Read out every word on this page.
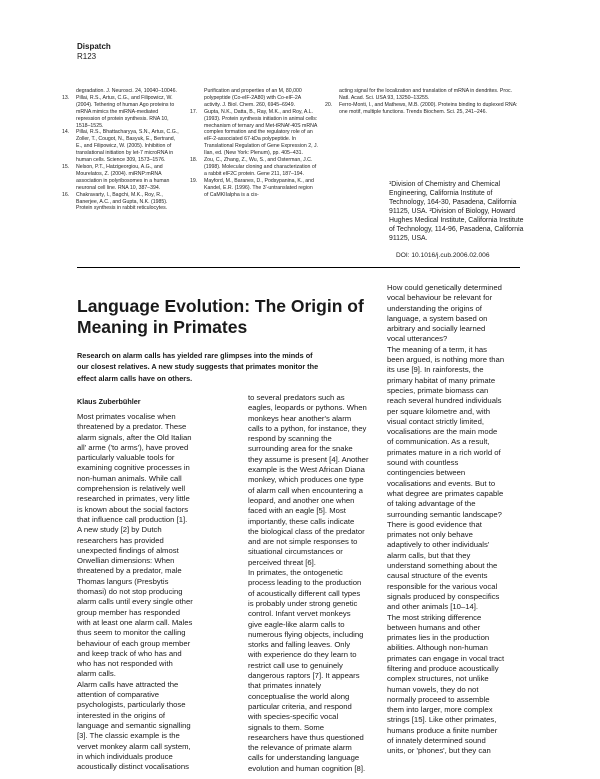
Dispatch
R123

degradation. J. Neurosci. 24, 10040–10046.

13. Pillai, R.S., Artus, C.G., and Filipowicz, W. (2004). Tethering of human Ago proteins to mRNA mimics the miRNA-mediated repression of protein synthesis. RNA 10, 1518–1525.

14. Pillai, R.S., Bhattacharyya, S.N., Artus, C.G., Zoller, T., Cougot, N., Basyuk, E., Bertrand, E., and Filipowicz, W. (2005). Inhibition of translational initiation by let-7 microRNA in human cells. Science 309, 1573–1576.

15. Nelson, P.T., Hatzigeorgiou, A.G., and Mourelatos, Z. (2004). miRNP:mRNA association in polyribosomes in a human neuronal cell line. RNA 10, 387–394.

16. Chakravarty, I., Bagchi, M.K., Roy, R., Banerjee, A.C., and Gupta, N.K. (1985). Protein synthesis in rabbit reticulocytes.

Purification and properties of an M, 80,000 polypeptide (Co-eIF-2A80) with Co-eIF-2A activity. J. Biol. Chem. 260, 6945–6949.

17. Gupta, N.K., Datta, B., Ray, M.K., and Roy, A.L. (1993). Protein synthesis initiation in animal cells: mechanism of ternary and Met-tRNAf·40S mRNA complex formation and the regulatory role of an eIF-2-associated 67-kDa polypeptide. In Translational Regulation of Gene Expression 2, J. Ilan, ed. (New York: Plenum), pp. 405–431.

18. Zou, C., Zhang, Z., Wu, S., and Osterman, J.C. (1998). Molecular cloning and characterization of a rabbit eIF2C protein. Gene 211, 187–194.

19. Mayford, M., Baranes, D., Podsypanina, K., and Kandel, E.R. (1996). The 3'-untranslated region of CaMKIIalpha is a cis-

acting signal for the localization and translation of mRNA in dendrites. Proc. Natl. Acad. Sci. USA 93, 13250–13255.

20. Ferro-Monti, I., and Mathews, M.B. (2000). Proteins binding to duplexed RNA: one motif, multiple functions. Trends Biochem. Sci. 25, 241–246.

¹Division of Chemistry and Chemical Engineering, California Institute of Technology, 164-30, Pasadena, California 91125, USA. ²Division of Biology, Howard Hughes Medical Institute, California Institute of Technology, 114-96, Pasadena, California 91125, USA.
DOI: 10.1016/j.cub.2006.02.006
Language Evolution: The Origin of
Meaning in Primates

Research on alarm calls has yielded rare glimpses into the minds of
our closest relatives. A new study suggests that primates monitor the
effect alarm calls have on others.

Klaus Zuberbühler
Most primates vocalise when
threatened by a predator. These
alarm signals, after the Old Italian
all' arme ('to arms'), have proved
particularly valuable tools for
examining cognitive processes in
non-human animals. While call
comprehension is relatively well
researched in primates, very little
is known about the social factors
that influence call production [1].
A new study [2] by Dutch
researchers has provided
unexpected findings of almost
Orwellian dimensions: When
threatened by a predator, male
Thomas langurs (Presbytis
thomasi) do not stop producing
alarm calls until every single other
group member has responded
with at least one alarm call. Males
thus seem to monitor the calling
behaviour of each group member
and keep track of who has and
who has not responded with
alarm calls.
Alarm calls have attracted the
attention of comparative
psychologists, particularly those
interested in the origins of
language and semantic signalling
[3]. The classic example is the
vervet monkey alarm call system,
in which individuals produce
acoustically distinct vocalisations
to several predators such as
eagles, leopards or pythons. When
monkeys hear another's alarm
calls to a python, for instance, they
respond by scanning the
surrounding area for the snake
they assume is present [4]. Another
example is the West African Diana
monkey, which produces one type
of alarm call when encountering a
leopard, and another one when
faced with an eagle [5]. Most
importantly, these calls indicate
the biological class of the predator
and are not simple responses to
situational circumstances or
perceived threat [6].
In primates, the ontogenetic
process leading to the production
of acoustically different call types
is probably under strong genetic
control. Infant vervet monkeys
give eagle-like alarm calls to
numerous flying objects, including
storks and falling leaves. Only
with experience do they learn to
restrict call use to genuinely
dangerous raptors [7]. It appears
that primates innately
conceptualise the world along
particular criteria, and respond
with species-specific vocal
signals to them. Some
researchers have thus questioned
the relevance of primate alarm
calls for understanding language
evolution and human cognition [8].
How could genetically determined
vocal behaviour be relevant for
understanding the origins of
language, a system based on
arbitrary and socially learned
vocal utterances?
The meaning of a term, it has
been argued, is nothing more than
its use [9]. In rainforests, the
primary habitat of many primate
species, primate biomass can
reach several hundred individuals
per square kilometre and, with
visual contact strictly limited,
vocalisations are the main mode
of communication. As a result,
primates mature in a rich world of
sound with countless
contingencies between
vocalisations and events. But to
what degree are primates capable
of taking advantage of the
surrounding semantic landscape?
There is good evidence that
primates not only behave
adaptively to other individuals'
alarm calls, but that they
understand something about the
causal structure of the events
responsible for the various vocal
signals produced by conspecifics
and other animals [10–14].
The most striking difference
between humans and other
primates lies in the production
abilities. Although non-human
primates can engage in vocal tract
filtering and produce acoustically
complex structures, not unlike
human vowels, they do not
normally proceed to assemble
them into larger, more complex
strings [15]. Like other primates,
humans produce a finite number
of innately determined sound
units, or 'phones', but they can
